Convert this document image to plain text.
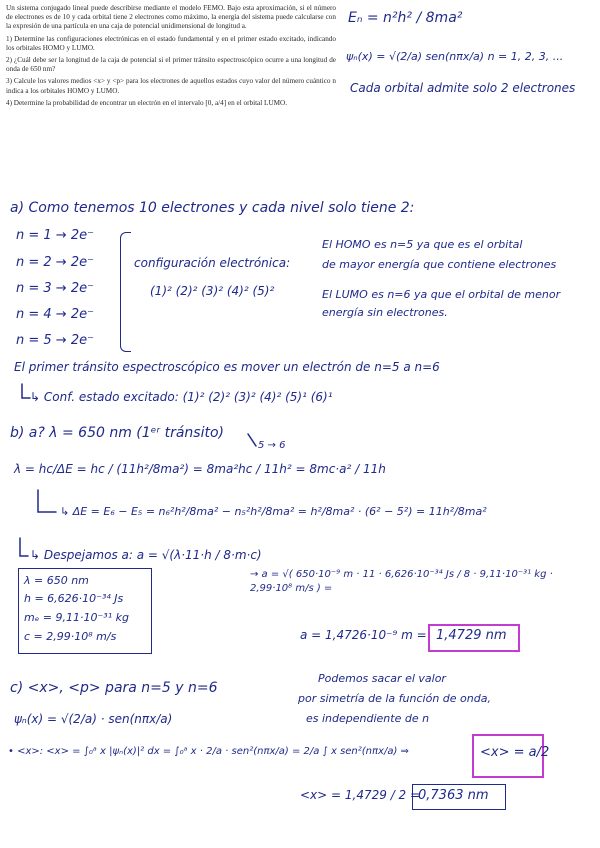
Un sistema conjugado lineal puede describirse mediante el modelo FEMO. Bajo esta aproximación, si el número de electrones es de 10 y cada orbital tiene 2 electrones como máximo, la energía del sistema puede calcularse con la expresión de una partícula en una caja de potencial unidimensional de longitud a.

1) Determine las configuraciones electrónicas en el estado fundamental y en el primer estado excitado, indicando los orbitales HOMO y LUMO.

2) ¿Cuál debe ser la longitud de la caja de potencial si el primer tránsito espectroscópico ocurre a una longitud de onda de 650 nm?

3) Calcule los valores medios <x> y <p> para los electrones de aquellos estados cuyo valor del número cuántico n indica a los orbitales HOMO y LUMO.

4) Determine la probabilidad de encontrar un electrón en el intervalo [0, a/4] en el orbital LUMO.

Eₙ = n²h² / 8ma²
ψₙ(x) = √(2/a) sen(nπx/a) n = 1, 2, 3, ...
Cada orbital admite solo 2 electrones
a) Como tenemos 10 electrones y cada nivel solo tiene 2:
n = 1 → 2e⁻
n = 2 → 2e⁻
n = 3 → 2e⁻
n = 4 → 2e⁻
n = 5 → 2e⁻
configuración electrónica:
(1)² (2)² (3)² (4)² (5)²
El HOMO es n=5 ya que es el orbital
de mayor energía que contiene electrones
El LUMO es n=6 ya que el orbital de menor
energía sin electrones.
El primer tránsito espectroscópico es mover un electrón de n=5 a n=6
↳ Conf. estado excitado: (1)² (2)² (3)² (4)² (5)¹ (6)¹
b) a? λ = 650 nm (1ᵉʳ tránsito)
5 → 6
λ = hc/ΔE = hc / (11h²/8ma²) = 8ma²hc / 11h² = 8mc·a² / 11h
↳ ΔE = E₆ − E₅ = n₆²h²/8ma² − n₅²h²/8ma² = h²/8ma² · (6² − 5²) = 11h²/8ma²
↳ Despejamos a: a = √(λ·11·h / 8·m·c)
→ a = √( 650·10⁻⁹ m · 11 · 6,626·10⁻³⁴ Js / 8 · 9,11·10⁻³¹ kg · 2,99·10⁸ m/s ) =
λ = 650 nm
h = 6,626·10⁻³⁴ Js
mₑ = 9,11·10⁻³¹ kg
c = 2,99·10⁸ m/s	a = 1,4726·10⁻⁹ m = 1,4729 nm
c) <x>, <p> para n=5 y n=6
ψₙ(x) = √(2/a) · sen(nπx/a)
Podemos sacar el valor
por simetría de la función de onda,
es independiente de n
• <x>: <x> = ∫₀ᵃ x |ψₙ(x)|² dx = ∫₀ᵃ x · 2/a · sen²(nπx/a) = 2/a ∫ x sen²(nπx/a) ⇒	<x> = a/2
<x> = 1,4729 / 2 =
0,7363 nm
